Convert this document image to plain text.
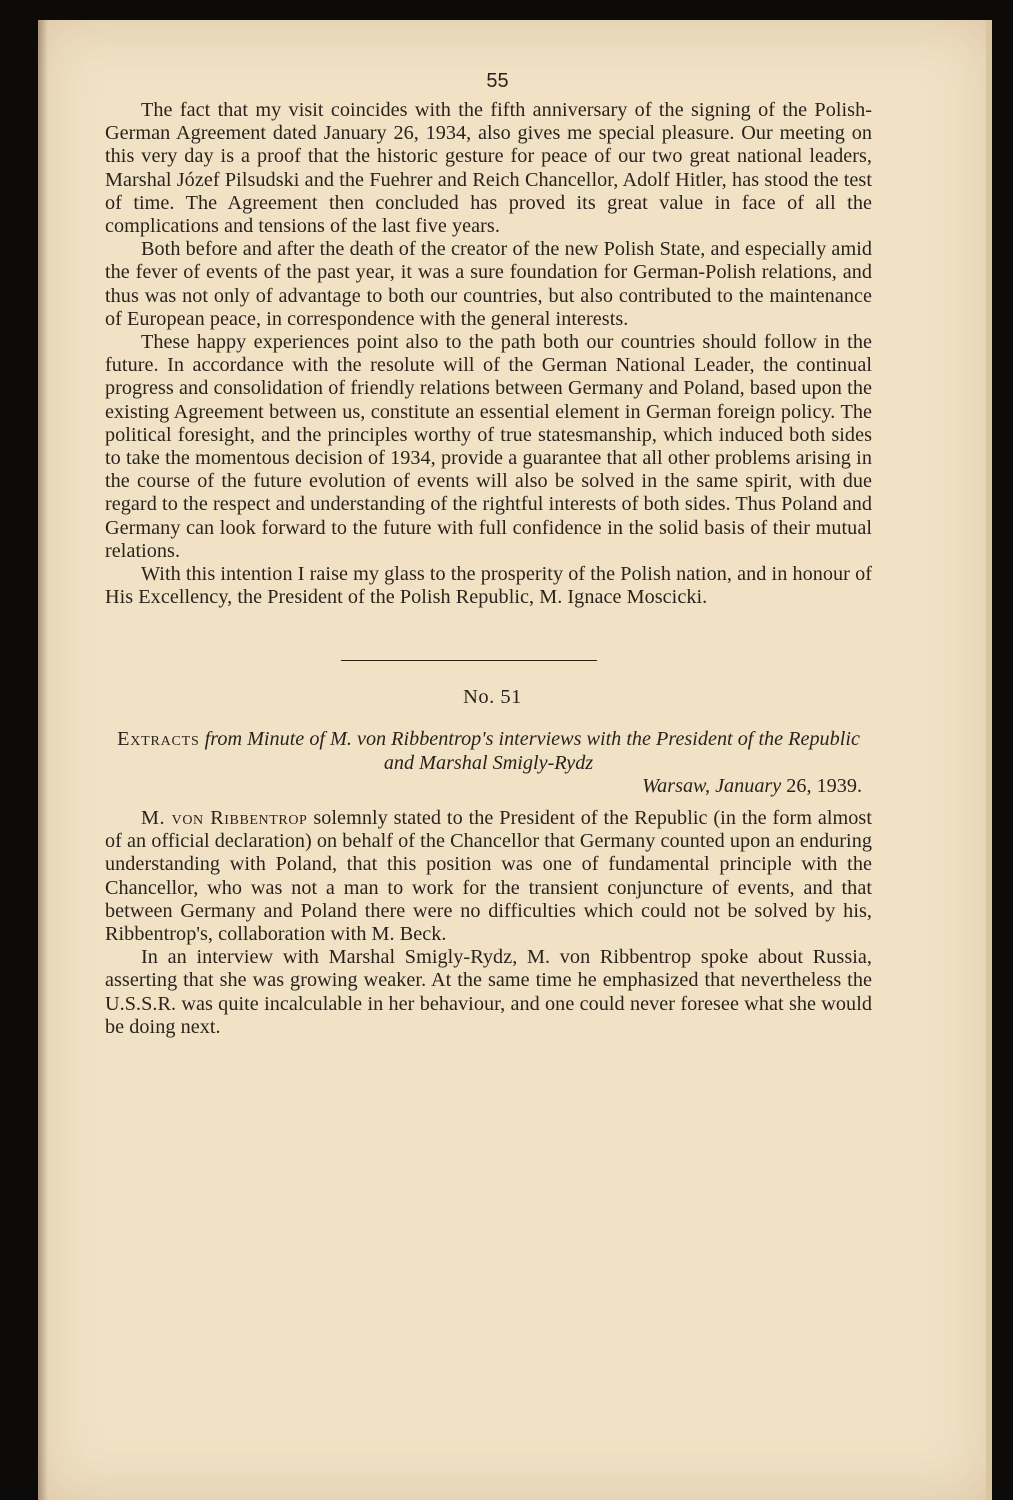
55

The fact that my visit coincides with the fifth anniversary of the signing of the Polish-German Agreement dated January 26, 1934, also gives me special pleasure. Our meeting on this very day is a proof that the historic gesture for peace of our two great national leaders, Marshal Józef Pilsudski and the Fuehrer and Reich Chancellor, Adolf Hitler, has stood the test of time. The Agreement then concluded has proved its great value in face of all the complications and tensions of the last five years.

Both before and after the death of the creator of the new Polish State, and especially amid the fever of events of the past year, it was a sure foundation for German-Polish relations, and thus was not only of advantage to both our countries, but also contributed to the maintenance of European peace, in correspondence with the general interests.

These happy experiences point also to the path both our countries should follow in the future. In accordance with the resolute will of the German National Leader, the continual progress and consolidation of friendly relations between Germany and Poland, based upon the existing Agreement between us, constitute an essential element in German foreign policy. The political foresight, and the principles worthy of true statesmanship, which induced both sides to take the momentous decision of 1934, provide a guarantee that all other problems arising in the course of the future evolution of events will also be solved in the same spirit, with due regard to the respect and understanding of the rightful interests of both sides. Thus Poland and Germany can look forward to the future with full confidence in the solid basis of their mutual relations.

With this intention I raise my glass to the prosperity of the Polish nation, and in honour of His Excellency, the President of the Polish Republic, M. Ignace Moscicki.

No. 51
Extracts from Minute of M. von Ribbentrop's interviews with the President of the Republic and Marshal Smigly-Rydz
Warsaw, January 26, 1939.

M. von Ribbentrop solemnly stated to the President of the Republic (in the form almost of an official declaration) on behalf of the Chancellor that Germany counted upon an enduring understanding with Poland, that this position was one of fundamental principle with the Chancellor, who was not a man to work for the transient conjuncture of events, and that between Germany and Poland there were no difficulties which could not be solved by his, Ribbentrop's, collaboration with M. Beck.

In an interview with Marshal Smigly-Rydz, M. von Ribbentrop spoke about Russia, asserting that she was growing weaker. At the same time he emphasized that nevertheless the U.S.S.R. was quite incalculable in her behaviour, and one could never foresee what she would be doing next.
